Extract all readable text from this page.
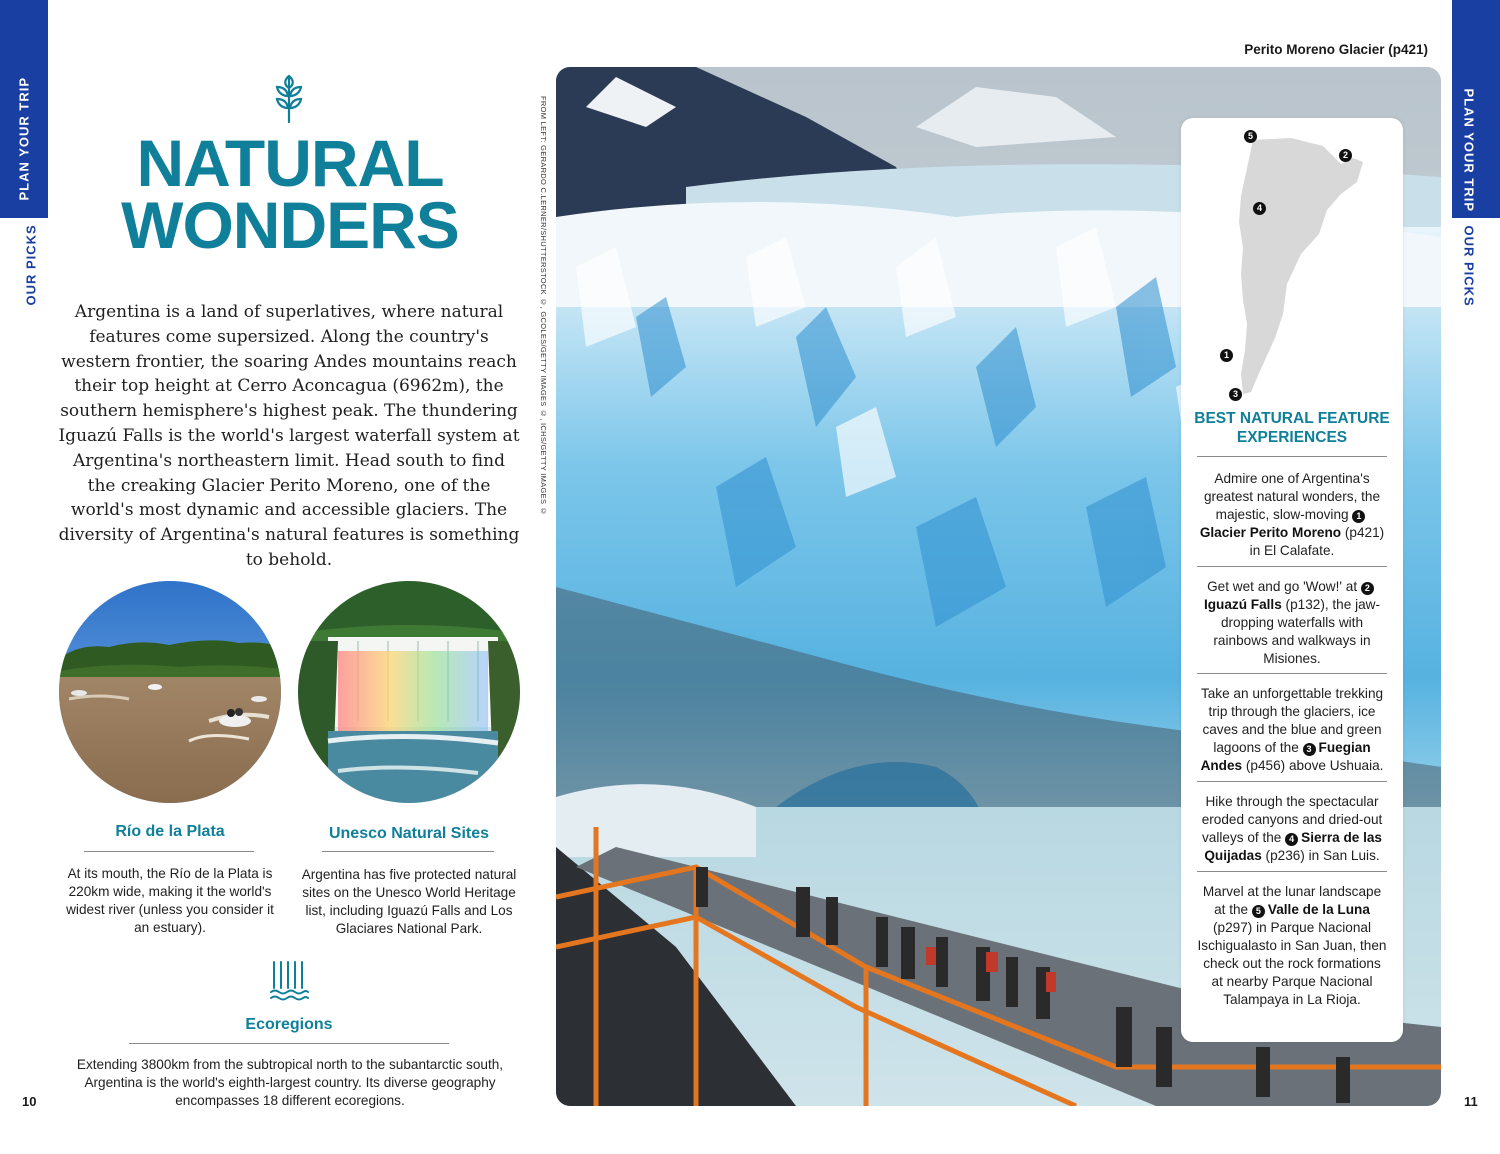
PLAN YOUR TRIP
OUR PICKS
PLAN YOUR TRIP
OUR PICKS
NATURAL
WONDERS

Argentina is a land of superlatives, where natural features come supersized. Along the country's western frontier, the soaring Andes mountains reach their top height at Cerro Aconcagua (6962m), the southern hemisphere's highest peak. The thundering Iguazú Falls is the world's largest waterfall system at Argentina's northeastern limit. Head south to find the creaking Glacier Perito Moreno, one of the world's most dynamic and accessible glaciers. The diversity of Argentina's natural features is something to behold.

Río de la Plata

At its mouth, the Río de la Plata is 220km wide, making it the world's widest river (unless you consider it an estuary).

Unesco Natural Sites

Argentina has five protected natural sites on the Unesco World Heritage list, including Iguazú Falls and Los Glaciares National Park.

Ecoregions

Extending 3800km from the subtropical north to the subantarctic south, Argentina is the world's eighth-largest country. Its diverse geography encompasses 18 different ecoregions.

10	11
FROM LEFT: GERARDO C.LERNER/SHUTTERSTOCK ©, GCOLES/GETTY IMAGES ©, ICHS/GETTY IMAGES ©
Perito Moreno Glacier (p421)
5
2
4
1
3
BEST NATURAL FEATURE EXPERIENCES
Admire one of Argentina's greatest natural wonders, the majestic, slow-moving 1Glacier Perito Moreno (p421) in El Calafate.
Get wet and go 'Wow!' at 2Iguazú Falls (p132), the jaw-dropping waterfalls with rainbows and walkways in Misiones.
Take an unforgettable trekking trip through the glaciers, ice caves and the blue and green lagoons of the 3 Fuegian Andes (p456) above Ushuaia.
Hike through the spectacular eroded canyons and dried-out valleys of the 4 Sierra de las Quijadas (p236) in San Luis.
Marvel at the lunar landscape at the 5 Valle de la Luna (p297) in Parque Nacional Ischigualasto in San Juan, then check out the rock formations at nearby Parque Nacional Talampaya in La Rioja.
